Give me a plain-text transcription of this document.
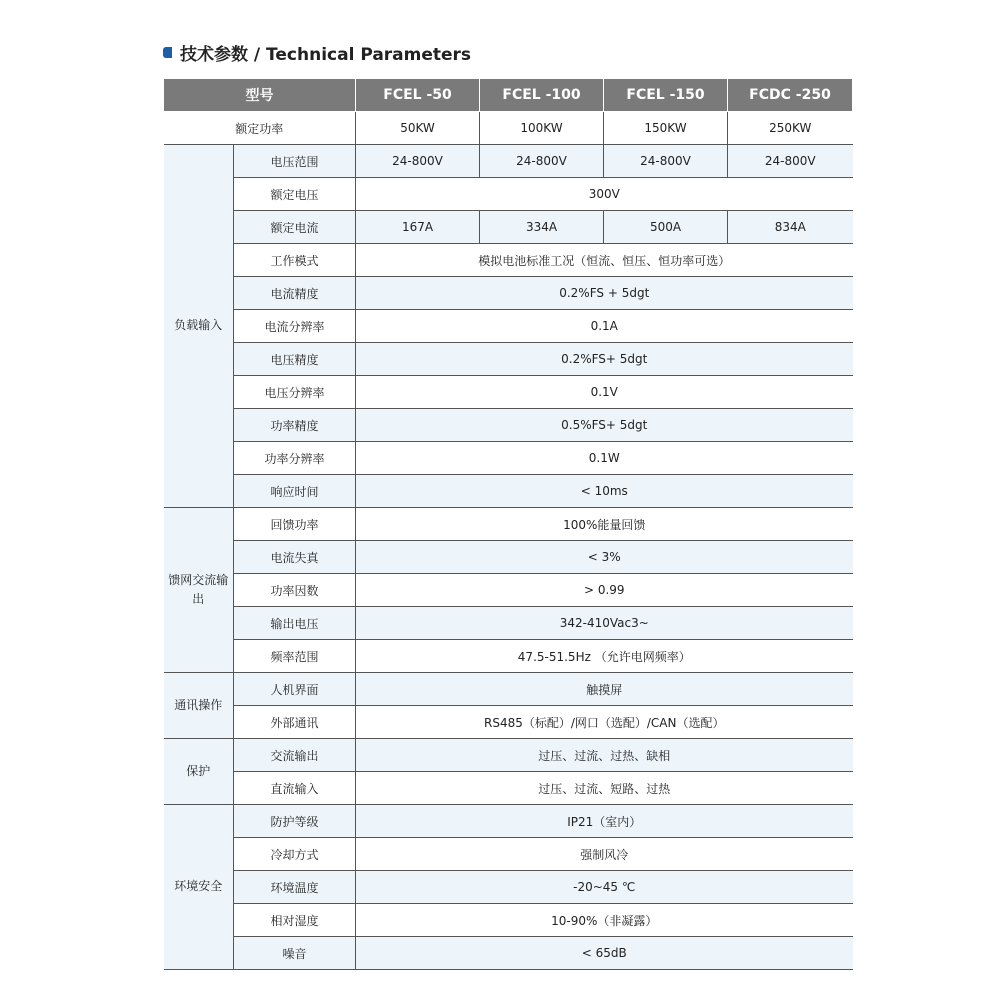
技术参数 / Technical Parameters
型号		FCEL -50	FCEL -100	FCEL -150	FCDC -250
额定功率		50KW	100KW	150KW	250KW
负载输入	电压范围	24-800V	24-800V	24-800V	24-800V
	额定电压	300V			
	额定电流	167A	334A	500A	834A
	工作模式	模拟电池标准工况（恒流、恒压、恒功率可选）			
	电流精度	0.2%FS + 5dgt			
	电流分辨率	0.1A			
	电压精度	0.2%FS+ 5dgt			
	电压分辨率	0.1V			
	功率精度	0.5%FS+ 5dgt			
	功率分辨率	0.1W			
	响应时间	< 10ms			
馈网交流输出	回馈功率	100%能量回馈			
	电流失真	< 3%			
	功率因数	> 0.99			
	输出电压	342-410Vac3~			
	频率范围	47.5-51.5Hz （允许电网频率）			
通讯操作	人机界面	触摸屏			
	外部通讯	RS485（标配）/网口（选配）/CAN（选配）			
保护	交流输出	过压、过流、过热、缺相			
	直流输入	过压、过流、短路、过热			
环境安全	防护等级	IP21（室内）			
	冷却方式	强制风冷			
	环境温度	-20~45 ℃			
	相对湿度	10-90%（非凝露）			
	噪音	< 65dB			
